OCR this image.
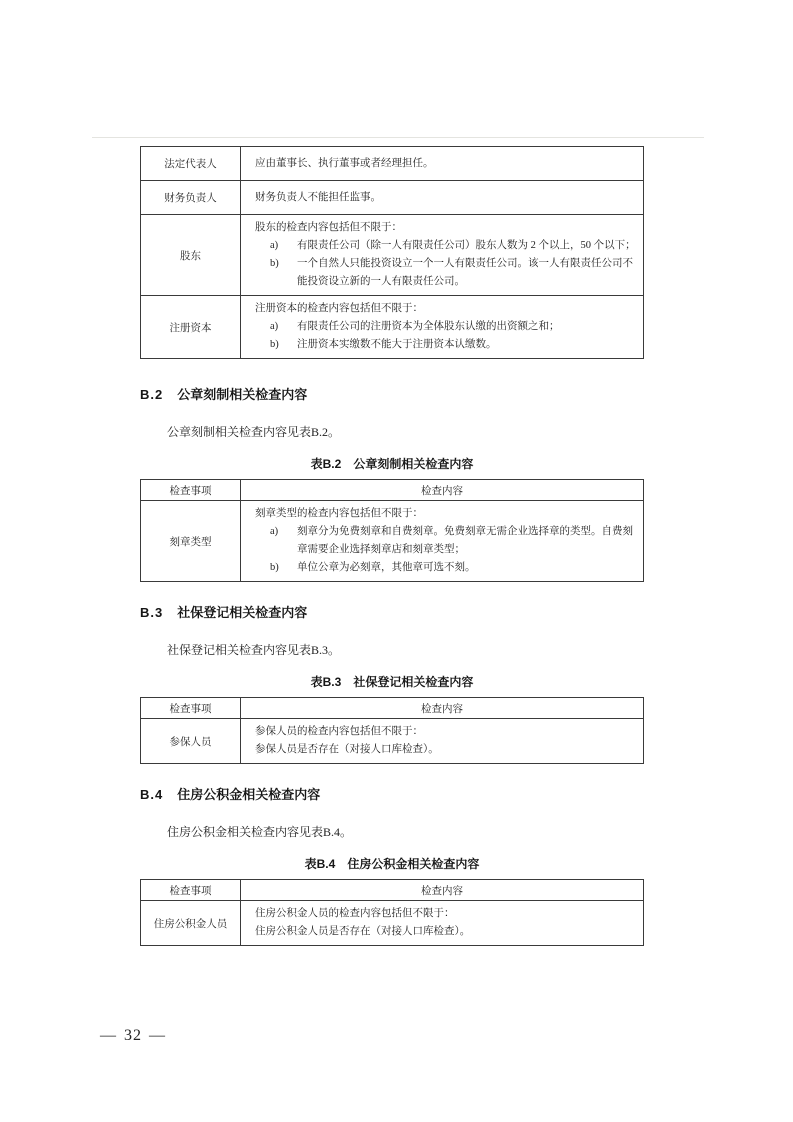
法定代表人	应由董事长、执行董事或者经理担任。

财务负责人	财务负责人不能担任监事。

股东	股东的检查内容包括但不限于：
a) 有限责任公司（除一人有限责任公司）股东人数为 2 个以上，50 个以下；
b) 一个自然人只能投资设立一个一人有限责任公司。该一人有限责任公司不能投资设立新的一人有限责任公司。

注册资本	注册资本的检查内容包括但不限于：
a) 有限责任公司的注册资本为全体股东认缴的出资额之和；
b) 注册资本实缴数不能大于注册资本认缴数。
B.2 公章刻制相关检查内容

公章刻制相关检查内容见表B.2。

表B.2 公章刻制相关检查内容

检查事项	检查内容
刻章类型	刻章类型的检查内容包括但不限于：
a) 刻章分为免费刻章和自费刻章。免费刻章无需企业选择章的类型。自费刻章需要企业选择刻章店和刻章类型；
b) 单位公章为必刻章，其他章可选不刻。
B.3 社保登记相关检查内容

社保登记相关检查内容见表B.3。

表B.3 社保登记相关检查内容

检查事项	检查内容
参保人员	参保人员的检查内容包括但不限于：
参保人员是否存在（对接人口库检查）。
B.4 住房公积金相关检查内容

住房公积金相关检查内容见表B.4。

表B.4 住房公积金相关检查内容

检查事项	检查内容
住房公积金人员	住房公积金人员的检查内容包括但不限于：
住房公积金人员是否存在（对接人口库检查）。
— 32 —
